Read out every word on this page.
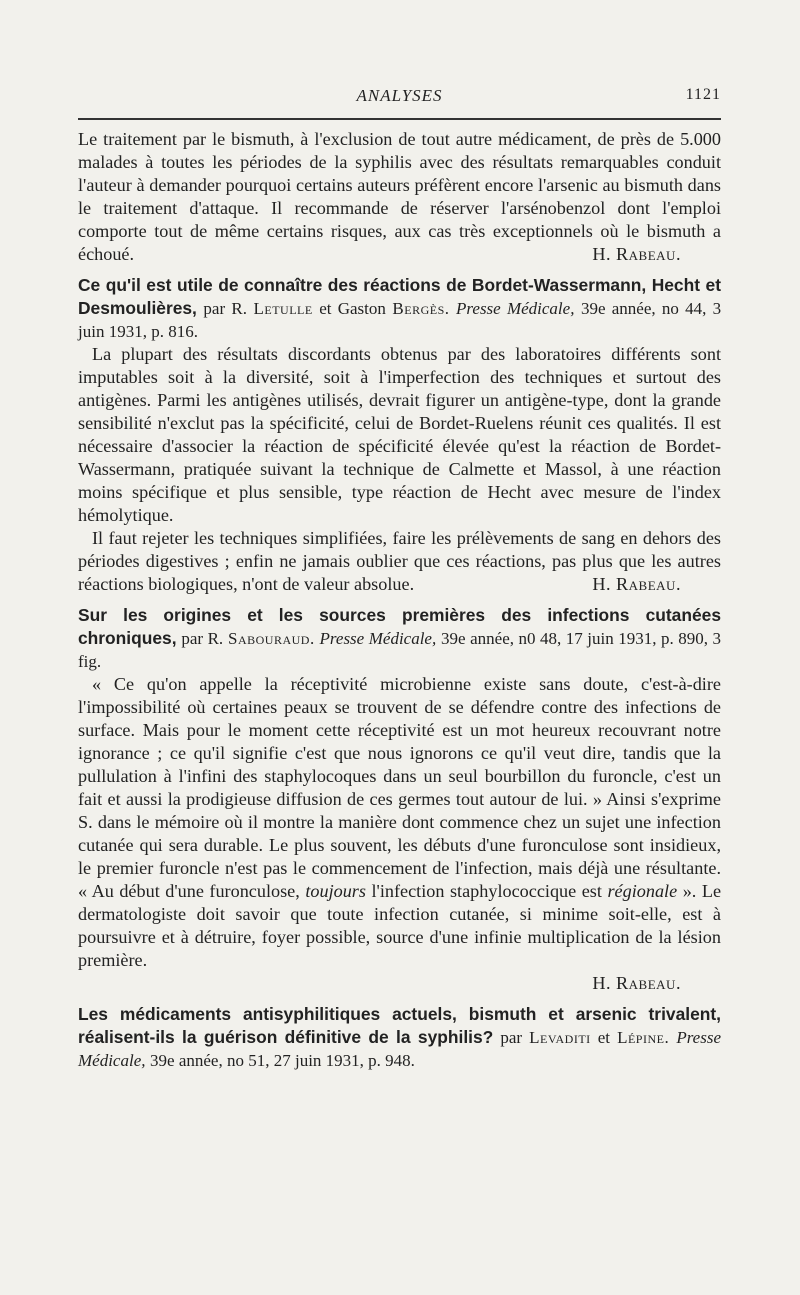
ANALYSES	1121

Le traitement par le bismuth, à l'exclusion de tout autre médicament, de près de 5.000 malades à toutes les périodes de la syphilis avec des résultats remarquables conduit l'auteur à demander pourquoi certains auteurs préfèrent encore l'arsenic au bismuth dans le traitement d'attaque. Il recommande de réserver l'arsénobenzol dont l'emploi comporte tout de même certains risques, aux cas très exceptionnels où le bismuth a échoué.	H. Rabeau.

Ce qu'il est utile de connaître des réactions de Bordet-Wassermann, Hecht et Desmoulières, par R. Letulle et Gaston Bergès. Presse Médicale, 39e année, no 44, 3 juin 1931, p. 816.

La plupart des résultats discordants obtenus par des laboratoires différents sont imputables soit à la diversité, soit à l'imperfection des techniques et surtout des antigènes. Parmi les antigènes utilisés, devrait figurer un antigène-type, dont la grande sensibilité n'exclut pas la spécificité, celui de Bordet-Ruelens réunit ces qualités. Il est nécessaire d'associer la réaction de spécificité élevée qu'est la réaction de Bordet-Wassermann, pratiquée suivant la technique de Calmette et Massol, à une réaction moins spécifique et plus sensible, type réaction de Hecht avec mesure de l'index hémolytique.

Il faut rejeter les techniques simplifiées, faire les prélèvements de sang en dehors des périodes digestives ; enfin ne jamais oublier que ces réactions, pas plus que les autres réactions biologiques, n'ont de valeur absolue.	H. Rabeau.

Sur les origines et les sources premières des infections cutanées chroniques, par R. Sabouraud. Presse Médicale, 39e année, n0 48, 17 juin 1931, p. 890, 3 fig.

« Ce qu'on appelle la réceptivité microbienne existe sans doute, c'est-à-dire l'impossibilité où certaines peaux se trouvent de se défendre contre des infections de surface. Mais pour le moment cette réceptivité est un mot heureux recouvrant notre ignorance ; ce qu'il signifie c'est que nous ignorons ce qu'il veut dire, tandis que la pullulation à l'infini des staphylocoques dans un seul bourbillon du furoncle, c'est un fait et aussi la prodigieuse diffusion de ces germes tout autour de lui. » Ainsi s'exprime S. dans le mémoire où il montre la manière dont commence chez un sujet une infection cutanée qui sera durable. Le plus souvent, les débuts d'une furonculose sont insidieux, le premier furoncle n'est pas le commencement de l'infection, mais déjà une résultante. « Au début d'une furonculose, toujours l'infection staphylococcique est régionale ». Le dermatologiste doit savoir que toute infection cutanée, si minime soit-elle, est à poursuivre et à détruire, foyer possible, source d'une infinie multiplication de la lésion première.

H. Rabeau.

Les médicaments antisyphilitiques actuels, bismuth et arsenic trivalent, réalisent-ils la guérison définitive de la syphilis? par Levaditi et Lépine. Presse Médicale, 39e année, no 51, 27 juin 1931, p. 948.
